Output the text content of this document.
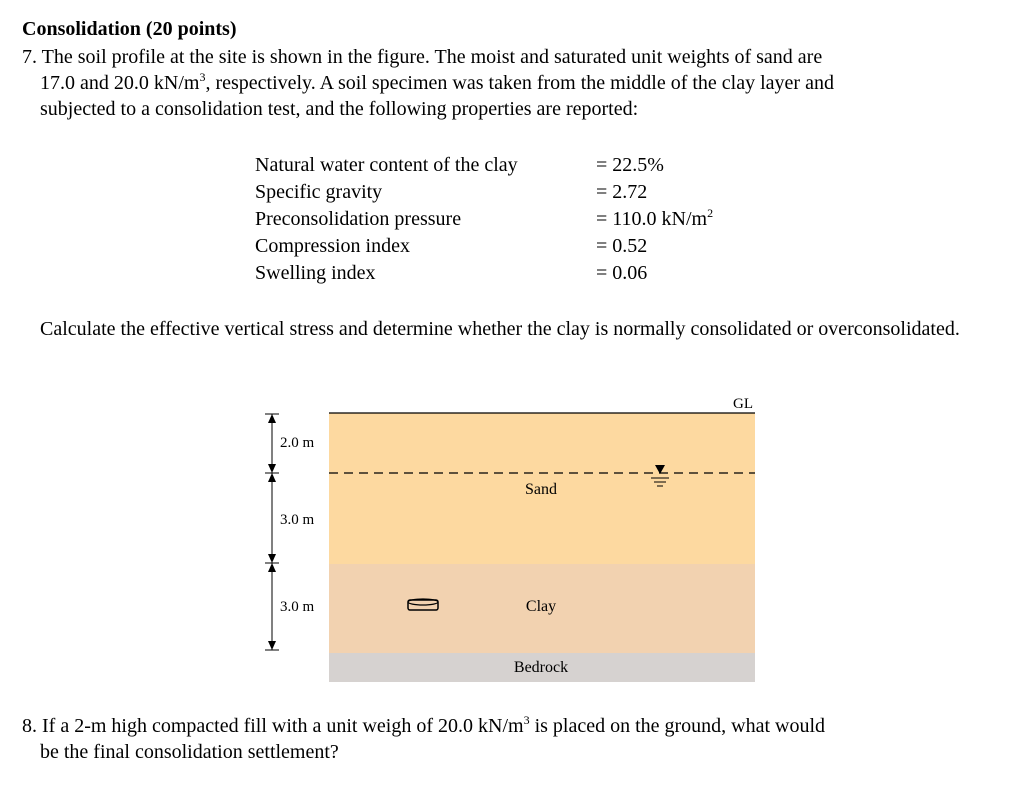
Consolidation (20 points)
7. The soil profile at the site is shown in the figure. The moist and saturated unit weights of sand are
17.0 and 20.0 $kN/m^3$, respectively. A soil specimen was taken from the middle of the clay layer and
subjected to a consolidation test, and the following properties are reported:
Natural water content of the clay	= 22.5%
Specific gravity	= 2.72
Preconsolidation pressure	= 110.0 $kN/m^2$
Compression index	= 0.52
Swelling index	= 0.06
Calculate the effective vertical stress and determine whether the clay is normally consolidated or overconsolidated.
GL
Sand
Clay
Bedrock
2.0 m
3.0 m
3.0 m
8. If a 2-m high compacted fill with a unit weigh of 20.0 $kN/m^3$ is placed on the ground, what would
be the final consolidation settlement?
